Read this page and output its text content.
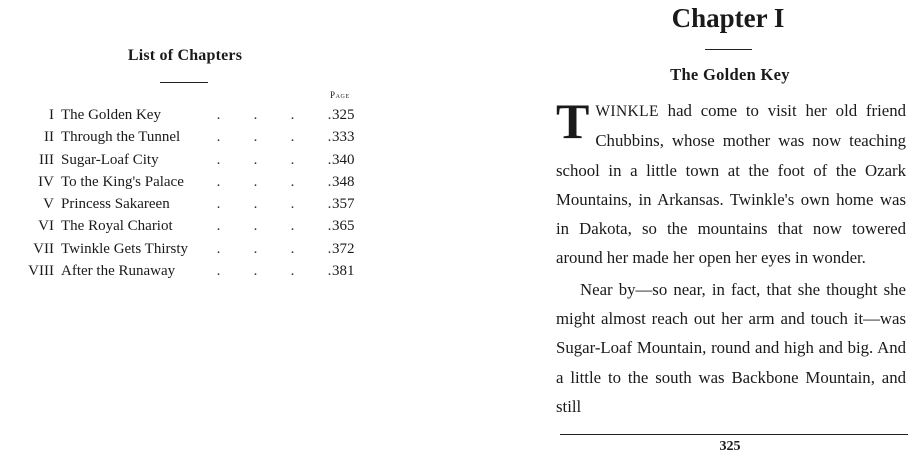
List of Chapters
Page
I The Golden Key	. . . . 325
II Through the Tunnel	. . . . 333
III Sugar-Loaf City	. . . . 340
IV To the King's Palace	. . . . 348
V Princess Sakareen	. . . . 357
VI The Royal Chariot	. . . . 365
VII Twinkle Gets Thirsty	. . . . 372
VIII After the Runaway	. . . . 381
Chapter I
The Golden Key

TWINKLE had come to visit her old friend Chubbins, whose mother was now teaching school in a little town at the foot of the Ozark Mountains, in Arkansas. Twinkle's own home was in Dakota, so the mountains that now towered around her made her open her eyes in wonder.

Near by—so near, in fact, that she thought she might almost reach out her arm and touch it—was Sugar-Loaf Mountain, round and high and big. And a little to the south was Backbone Mountain, and still

325
